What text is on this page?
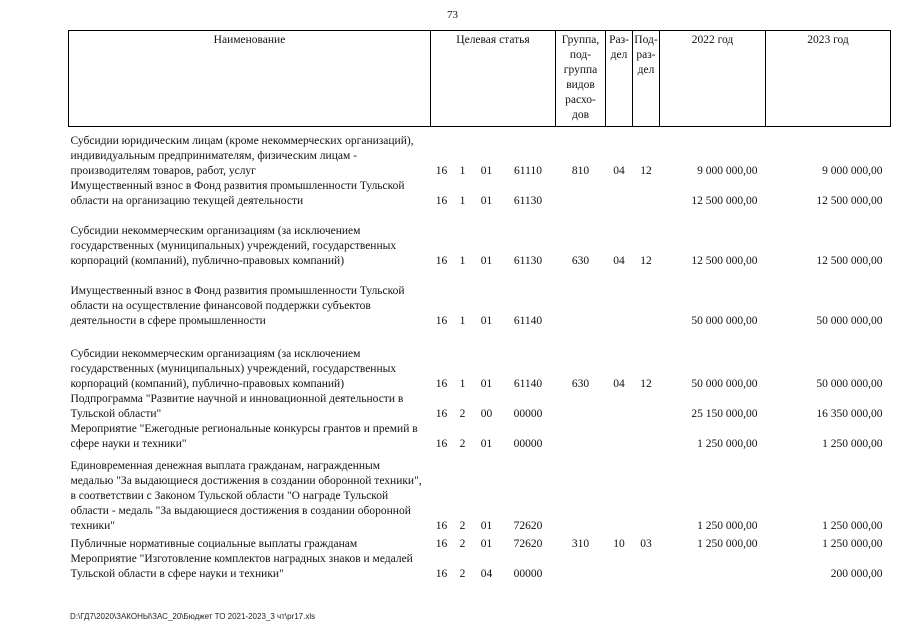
73
Наименование	Целевая статья				Группа, под- группа видов расхо- дов	Раз- дел	Под- раз- дел	2022 год	2023 год
Субсидии юридическим лицам (кроме некоммерческих организаций), индивидуальным предпринимателям, физическим лицам - производителям товаров, работ, услуг	16	1	01	61110	810	04	12	9 000 000,00	9 000 000,00
Имущественный взнос в Фонд развития промышленности Тульской области на организацию текущей деятельности	16	1	01	61130				12 500 000,00	12 500 000,00
Субсидии некоммерческим организациям (за исключением государственных (муниципальных) учреждений, государственных корпораций (компаний), публично-правовых компаний)	16	1	01	61130	630	04	12	12 500 000,00	12 500 000,00
Имущественный взнос в Фонд развития промышленности Тульской области на осуществление финансовой поддержки субъектов деятельности в сфере промышленности	16	1	01	61140				50 000 000,00	50 000 000,00
Субсидии некоммерческим организациям (за исключением государственных (муниципальных) учреждений, государственных корпораций (компаний), публично-правовых компаний)	16	1	01	61140	630	04	12	50 000 000,00	50 000 000,00
Подпрограмма "Развитие научной и инновационной деятельности в Тульской области"	16	2	00	00000				25 150 000,00	16 350 000,00
Мероприятие "Ежегодные региональные конкурсы грантов и премий в сфере науки и техники"	16	2	01	00000				1 250 000,00	1 250 000,00
Единовременная денежная выплата гражданам, награжденным медалью "За выдающиеся достижения в создании оборонной техники", в соответствии с Законом Тульской области "О награде Тульской области - медаль "За выдающиеся достижения в создании оборонной техники"	16	2	01	72620				1 250 000,00	1 250 000,00
Публичные нормативные социальные выплаты гражданам	16	2	01	72620	310	10	03	1 250 000,00	1 250 000,00
Мероприятие "Изготовление комплектов наградных знаков и медалей Тульской области в сфере науки и техники"	16	2	04	00000					200 000,00
D:\ГД7\2020\ЗАКОНЫ\ЗАС_20\Бюджет ТО 2021-2023_3 чт\pr17.xls
